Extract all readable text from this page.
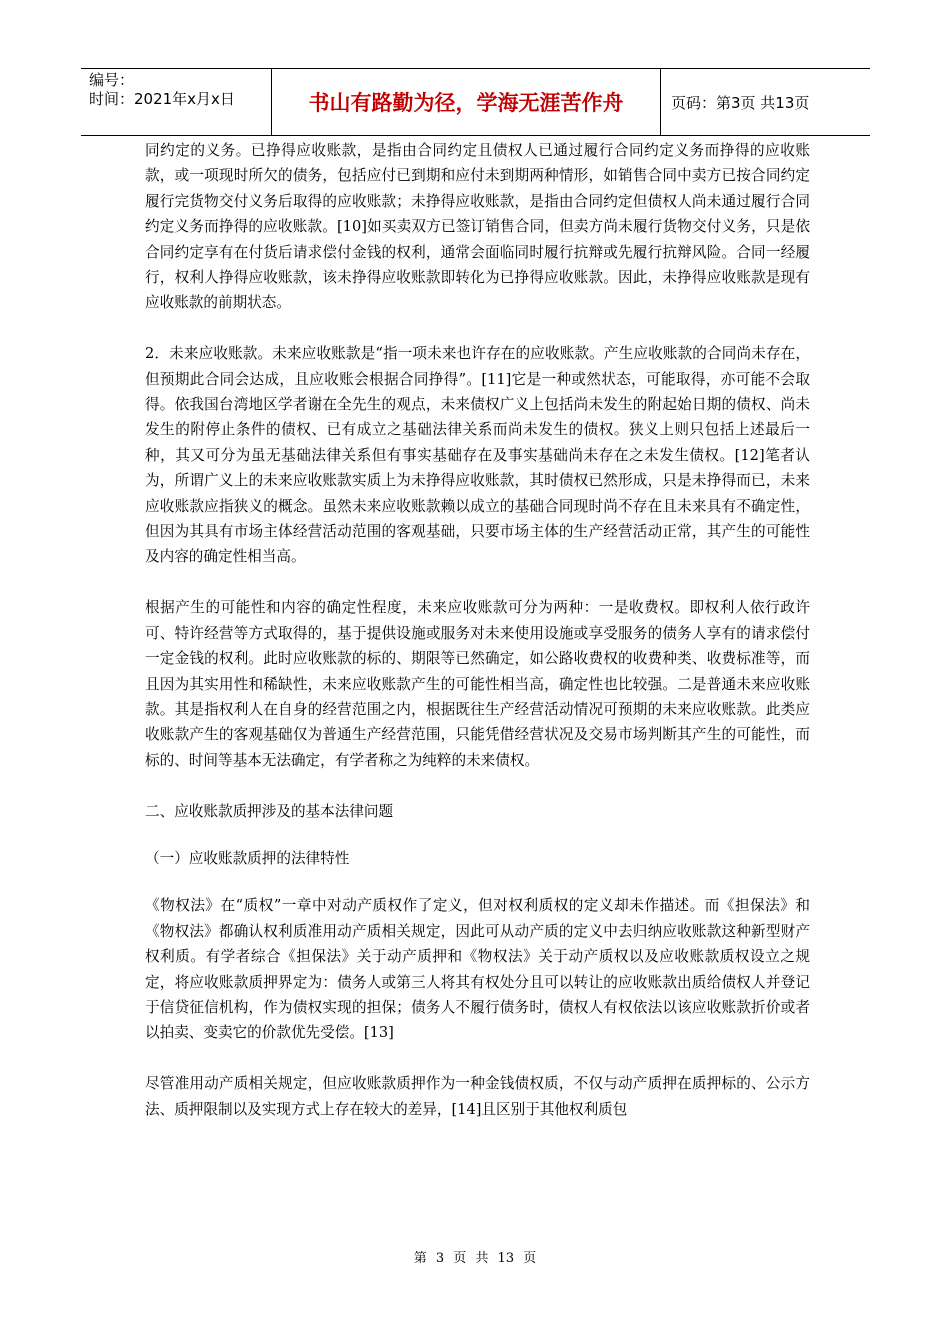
编号：
时间：2021年x月x日	书山有路勤为径，学海无涯苦作舟	页码：第3页 共13页

同约定的义务。已挣得应收账款，是指由合同约定且债权人已通过履行合同约定义务而挣得的应收账款，或一项现时所欠的债务，包括应付已到期和应付未到期两种情形，如销售合同中卖方已按合同约定履行完货物交付义务后取得的应收账款；未挣得应收账款，是指由合同约定但债权人尚未通过履行合同约定义务而挣得的应收账款。[10]如买卖双方已签订销售合同，但卖方尚未履行货物交付义务，只是依合同约定享有在付货后请求偿付金钱的权利，通常会面临同时履行抗辩或先履行抗辩风险。合同一经履行，权利人挣得应收账款，该未挣得应收账款即转化为已挣得应收账款。因此，未挣得应收账款是现有应收账款的前期状态。

2．未来应收账款。未来应收账款是“指一项未来也许存在的应收账款。产生应收账款的合同尚未存在，但预期此合同会达成，且应收账会根据合同挣得”。[11]它是一种或然状态，可能取得，亦可能不会取得。依我国台湾地区学者谢在全先生的观点，未来债权广义上包括尚未发生的附起始日期的债权、尚未发生的附停止条件的债权、已有成立之基础法律关系而尚未发生的债权。狭义上则只包括上述最后一种，其又可分为虽无基础法律关系但有事实基础存在及事实基础尚未存在之未发生债权。[12]笔者认为，所谓广义上的未来应收账款实质上为未挣得应收账款，其时债权已然形成，只是未挣得而已，未来应收账款应指狭义的概念。虽然未来应收账款赖以成立的基础合同现时尚不存在且未来具有不确定性，但因为其具有市场主体经营活动范围的客观基础，只要市场主体的生产经营活动正常，其产生的可能性及内容的确定性相当高。

根据产生的可能性和内容的确定性程度，未来应收账款可分为两种：一是收费权。即权利人依行政许可、特许经营等方式取得的，基于提供设施或服务对未来使用设施或享受服务的债务人享有的请求偿付一定金钱的权利。此时应收账款的标的、期限等已然确定，如公路收费权的收费种类、收费标准等，而且因为其实用性和稀缺性，未来应收账款产生的可能性相当高，确定性也比较强。二是普通未来应收账款。其是指权利人在自身的经营范围之内，根据既往生产经营活动情况可预期的未来应收账款。此类应收账款产生的客观基础仅为普通生产经营范围，只能凭借经营状况及交易市场判断其产生的可能性，而标的、时间等基本无法确定，有学者称之为纯粹的未来债权。

二、应收账款质押涉及的基本法律问题

（一）应收账款质押的法律特性

《物权法》在“质权”一章中对动产质权作了定义，但对权利质权的定义却未作描述。而《担保法》和《物权法》都确认权利质准用动产质相关规定，因此可从动产质的定义中去归纳应收账款这种新型财产权利质。有学者综合《担保法》关于动产质押和《物权法》关于动产质权以及应收账款质权设立之规定，将应收账款质押界定为：债务人或第三人将其有权处分且可以转让的应收账款出质给债权人并登记于信贷征信机构，作为债权实现的担保；债务人不履行债务时，债权人有权依法以该应收账款折价或者以拍卖、变卖它的价款优先受偿。[13]

尽管准用动产质相关规定，但应收账款质押作为一种金钱债权质，不仅与动产质押在质押标的、公示方法、质押限制以及实现方式上存在较大的差异，[14]且区别于其他权利质包

第 3 页 共 13 页
